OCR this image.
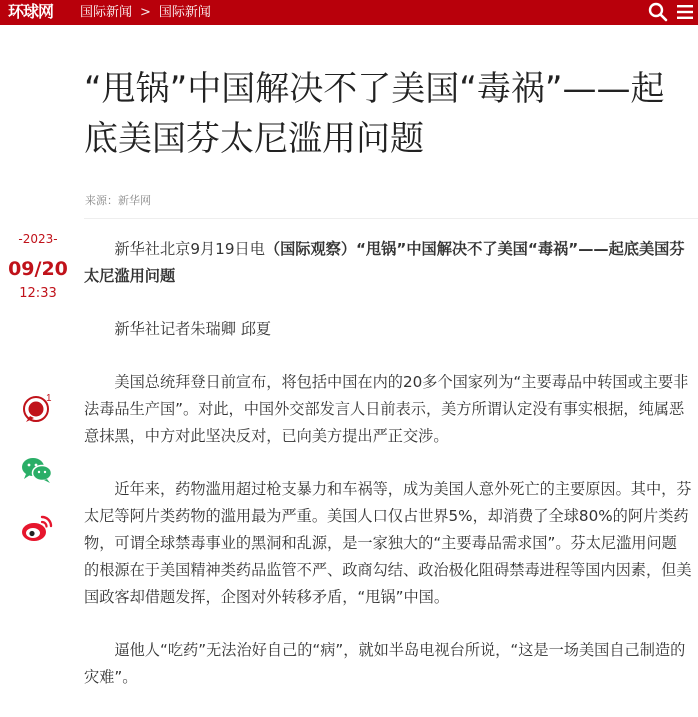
环球网 国际新闻 > 国际新闻
“甩锅”中国解决不了美国“毒祸”——起底美国芬太尼滥用问题
来源：新华网
-2023-
09/20
12:33
1

新华社北京9月19日电（国际观察）“甩锅”中国解决不了美国“毒祸”——起底美国芬太尼滥用问题

新华社记者朱瑞卿 邱夏

美国总统拜登日前宣布，将包括中国在内的20多个国家列为“主要毒品中转国或主要非法毒品生产国”。对此，中国外交部发言人日前表示，美方所谓认定没有事实根据，纯属恶意抹黑，中方对此坚决反对，已向美方提出严正交涉。

近年来，药物滥用超过枪支暴力和车祸等，成为美国人意外死亡的主要原因。其中，芬太尼等阿片类药物的滥用最为严重。美国人口仅占世界5%，却消费了全球80%的阿片类药物，可谓全球禁毒事业的黑洞和乱源，是一家独大的“主要毒品需求国”。芬太尼滥用问题的根源在于美国精神类药品监管不严、政商勾结、政治极化阻碍禁毒进程等国内因素，但美国政客却借题发挥，企图对外转移矛盾，“甩锅”中国。

逼他人“吃药”无法治好自己的“病”，就如半岛电视台所说，“这是一场美国自己制造的灾难”。
